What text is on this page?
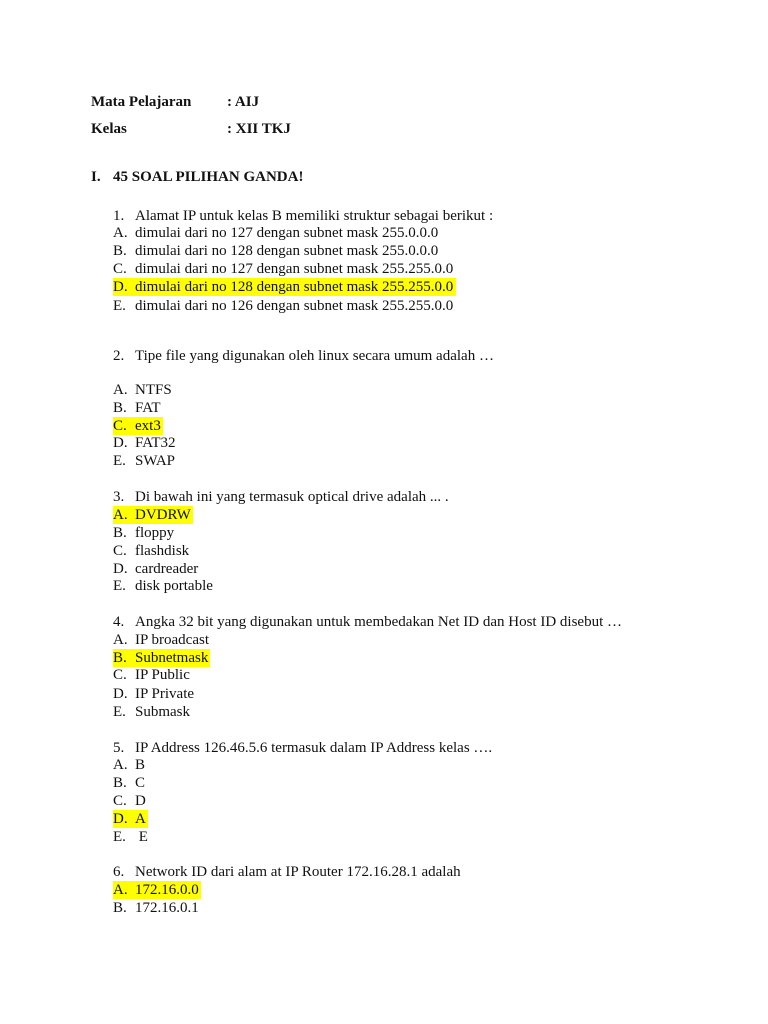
Mata Pelajaran : AIJ
Kelas	: XII TKJ
I. 45 SOAL PILIHAN GANDA!
1. Alamat IP untuk kelas B memiliki struktur sebagai berikut :
A. dimulai dari no 127 dengan subnet mask 255.0.0.0
B. dimulai dari no 128 dengan subnet mask 255.0.0.0
C. dimulai dari no 127 dengan subnet mask 255.255.0.0
D. dimulai dari no 128 dengan subnet mask 255.255.0.0
E. dimulai dari no 126 dengan subnet mask 255.255.0.0
2. Tipe file yang digunakan oleh linux secara umum adalah …
A. NTFS
B. FAT
C. ext3
D. FAT32
E. SWAP
3. Di bawah ini yang termasuk optical drive adalah ... .
A. DVDRW
B. floppy
C. flashdisk
D. cardreader
E. disk portable
4. Angka 32 bit yang digunakan untuk membedakan Net ID dan Host ID disebut …
A. IP broadcast
B. Subnetmask
C. IP Public
D. IP Private
E. Submask
5. IP Address 126.46.5.6 termasuk dalam IP Address kelas ….
A. B
B. C
C. D
D. A
E. E
6. Network ID dari alam at IP Router 172.16.28.1 adalah
A. 172.16.0.0
B. 172.16.0.1
